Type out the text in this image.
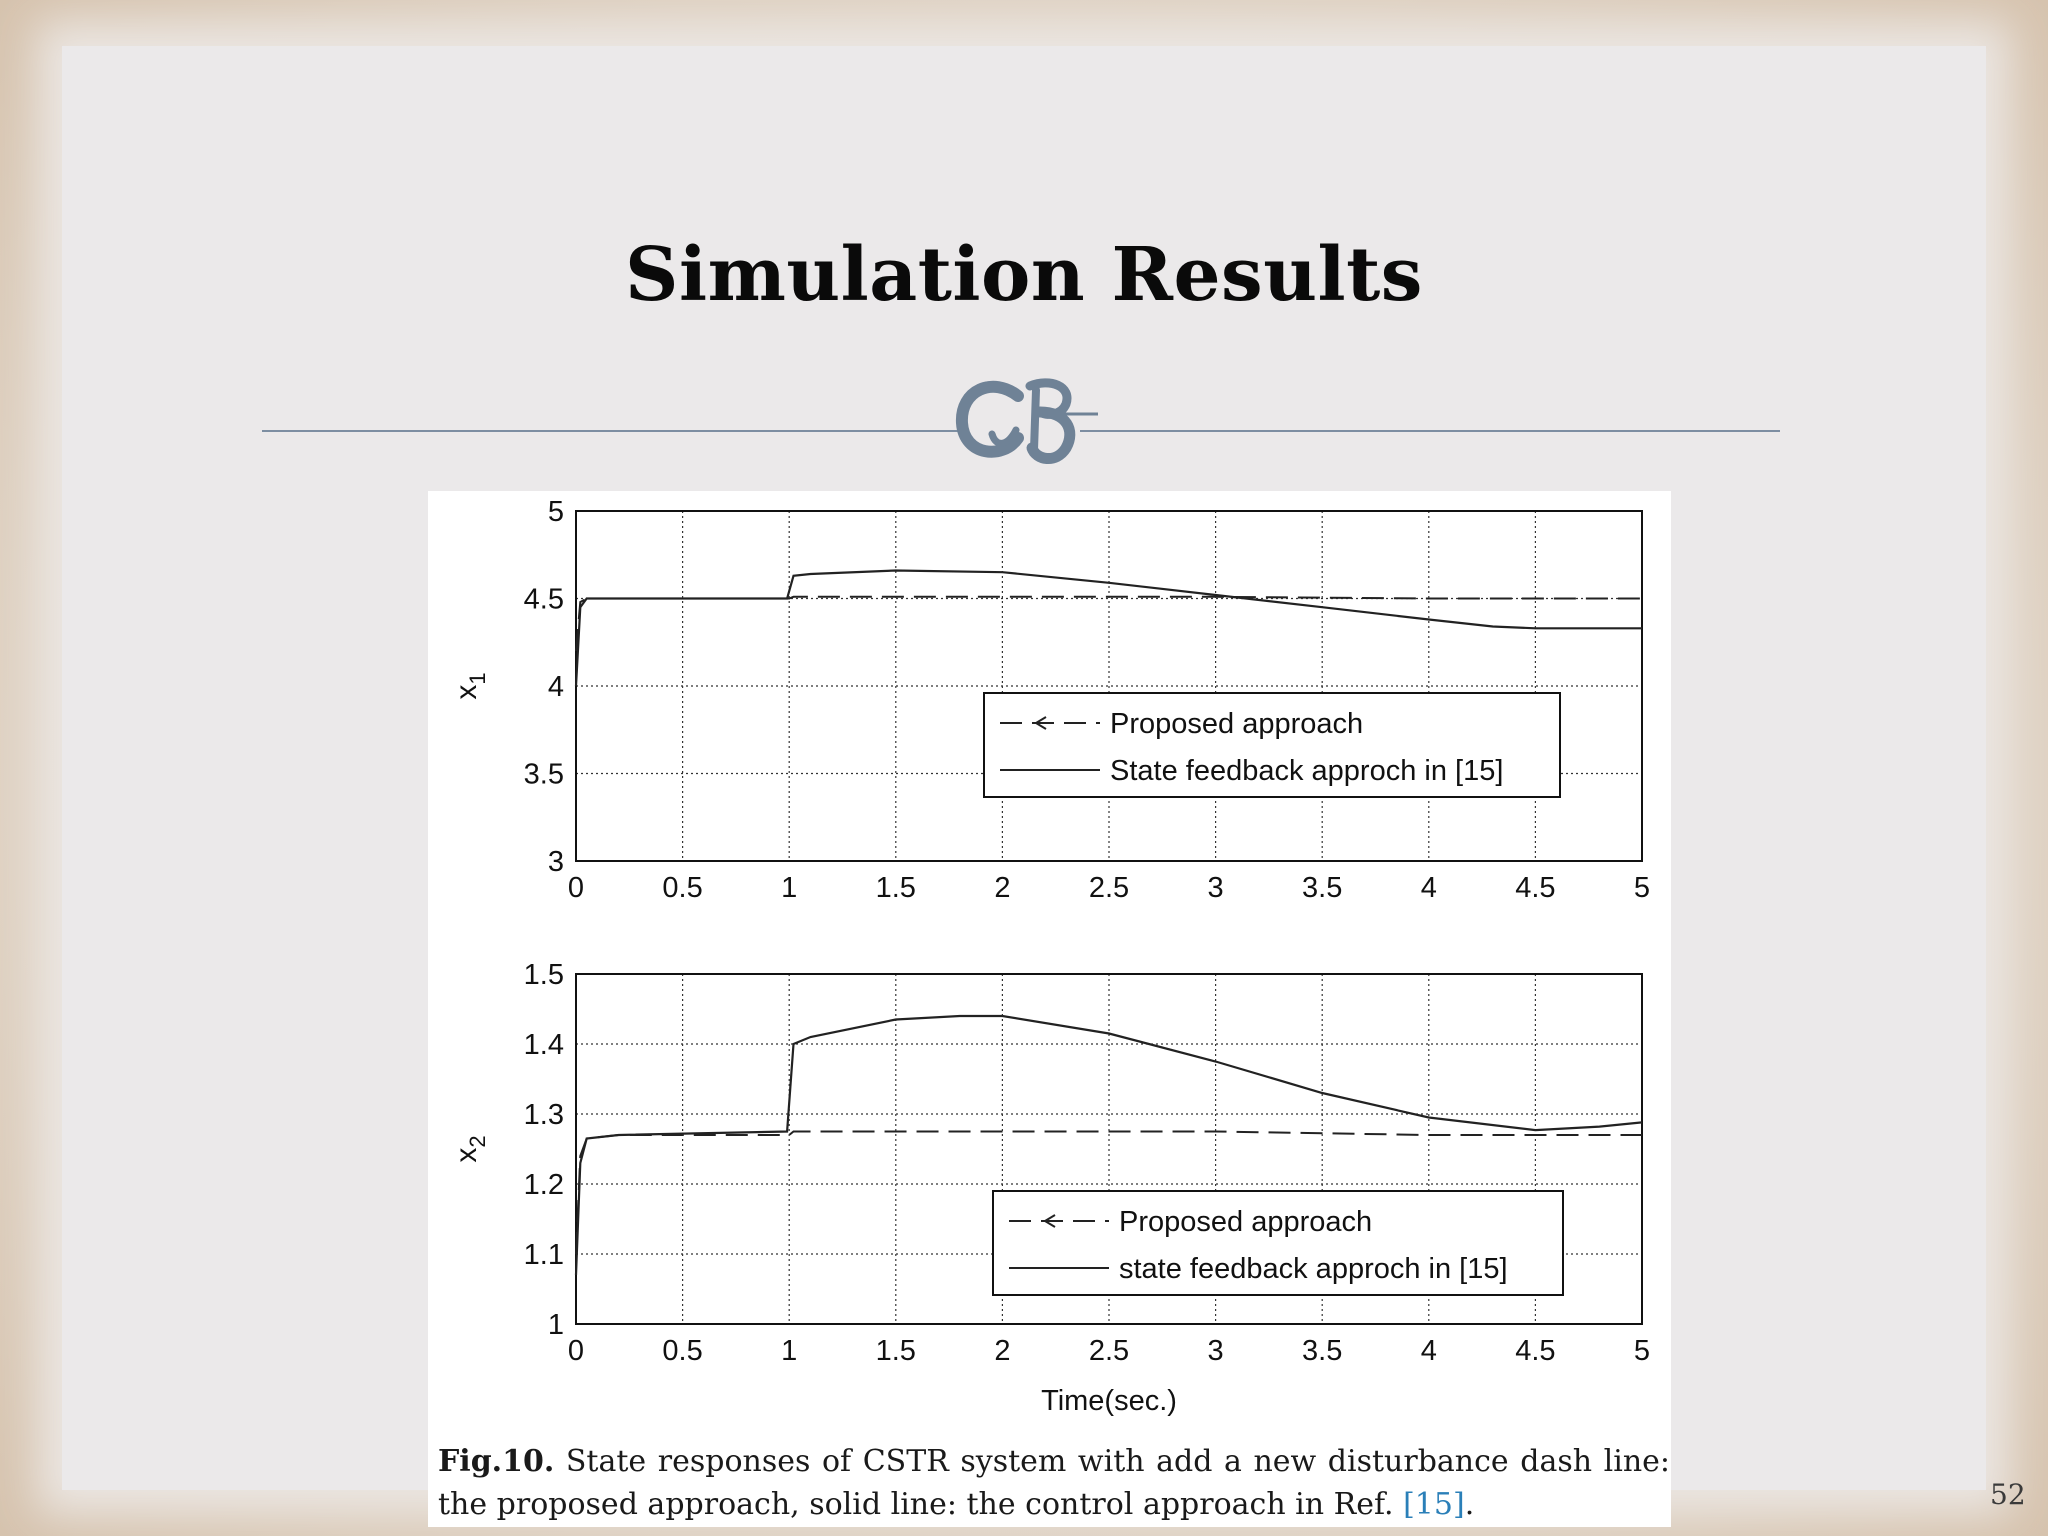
Simulation Results
0	0.5	1	1.5	2	2.5	3	3.5	4	4.5	5
3
3.5
4
4.5
5
$x_1$
Proposed approach
State feedback approch in [15]
0	0.5	1	1.5	2	2.5	3	3.5	4	4.5	5
1
1.1
1.2
1.3
1.4
1.5
$x_2$
Time(sec.)
Proposed approach
state feedback approch in [15]
Fig.10. State responses of CSTR system with add a new disturbance dash line: the proposed approach, solid line: the control approach in Ref. [15].	52
